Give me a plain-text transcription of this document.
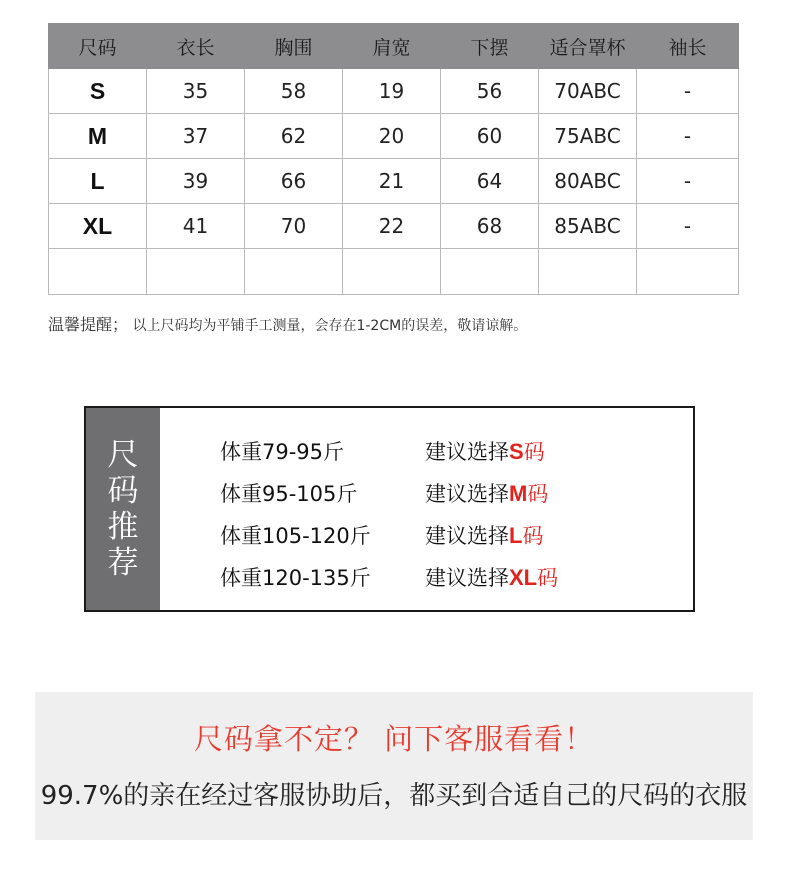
尺码	衣长	胸围	肩宽	下摆	适合罩杯	袖长
S	35	58	19	56	70ABC	-
M	37	62	20	60	75ABC	-
L	39	66	21	64	80ABC	-
XL	41	70	22	68	85ABC	-

温馨提醒； 以上尺码均为平铺手工测量，会存在1-2CM的误差，敬请谅解。
尺码推荐
体重79-95斤	建议选择S码
体重95-105斤	建议选择M码
体重105-120斤	建议选择L码
体重120-135斤	建议选择XL码
尺码拿不定？ 问下客服看看！
99.7%的亲在经过客服协助后，都买到合适自己的尺码的衣服
